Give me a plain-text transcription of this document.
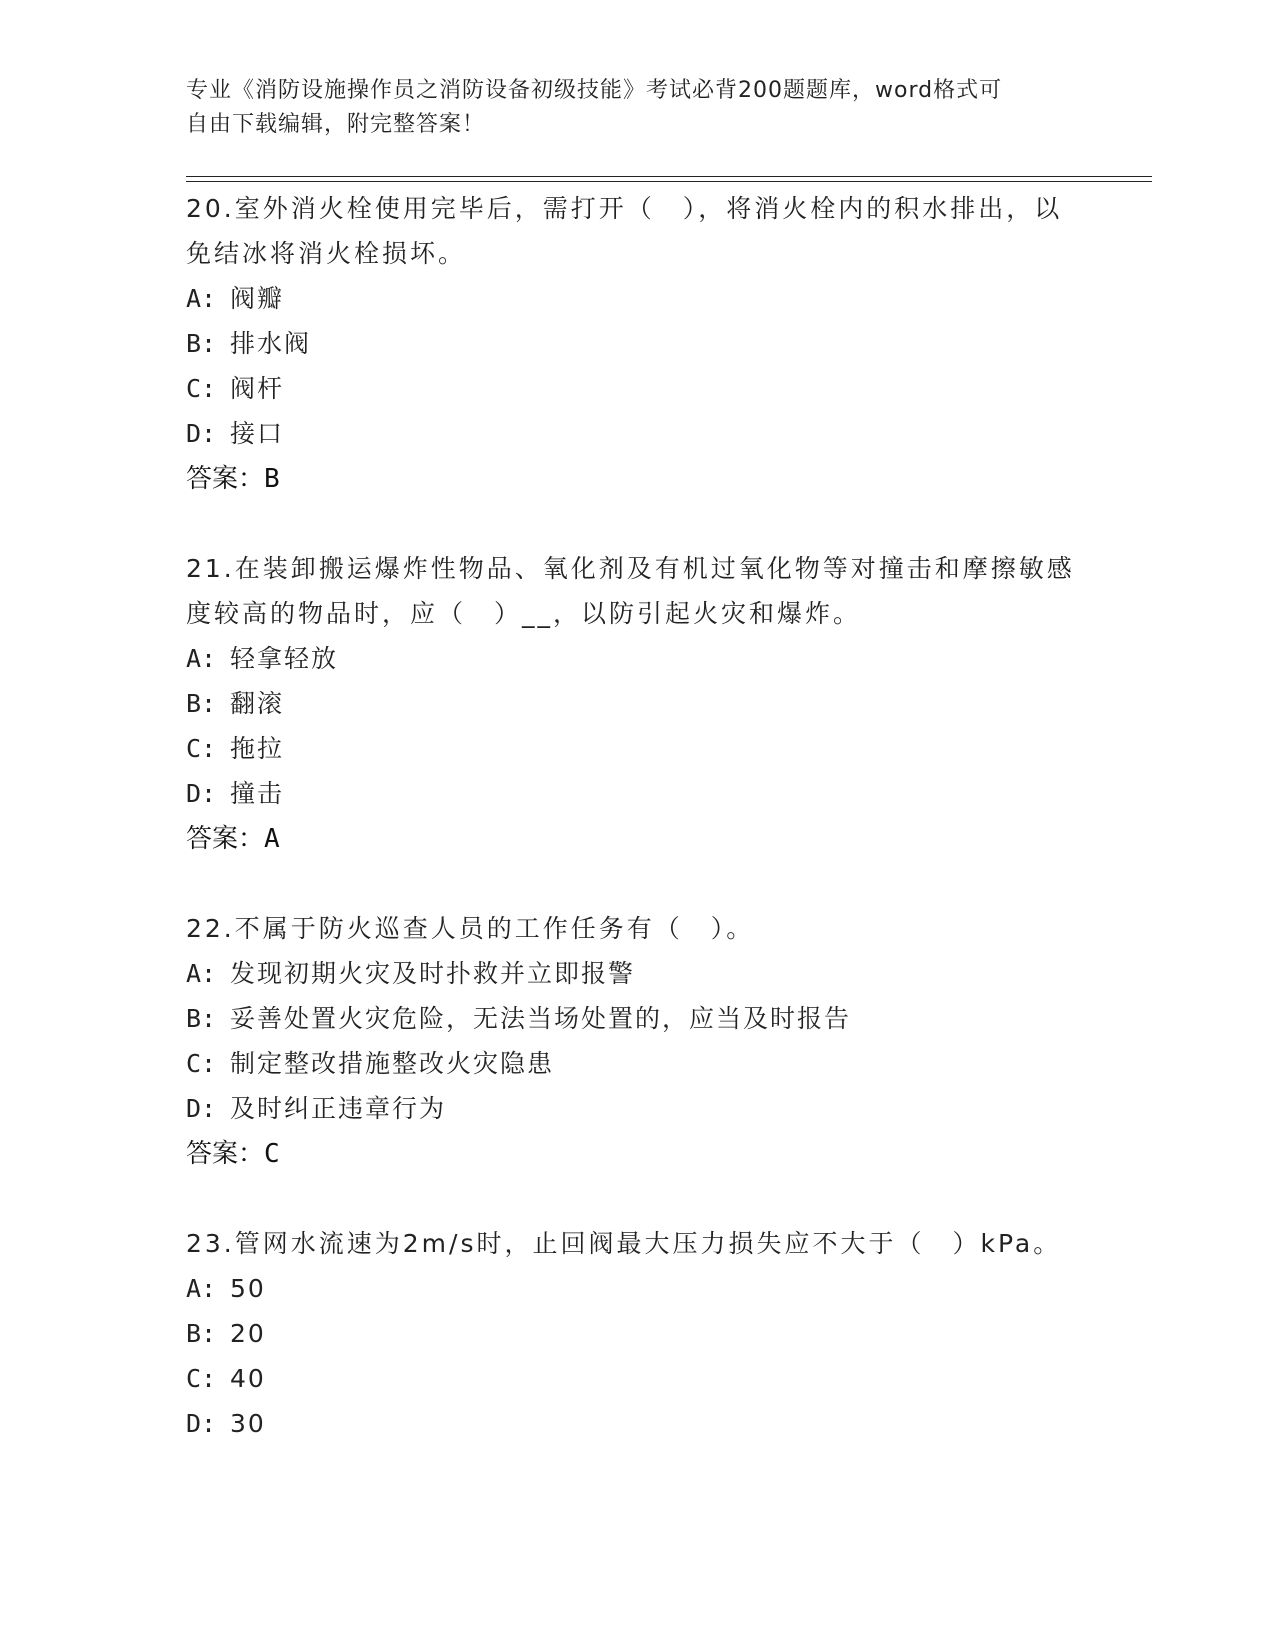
专业《消防设施操作员之消防设备初级技能》考试必背200题题库，word格式可
自由下载编辑，附完整答案！
20.室外消火栓使用完毕后，需打开（　），将消火栓内的积水排出，以免结冰将消火栓损坏。
A: 阀瓣
B: 排水阀
C: 阀杆
D: 接口
答案：B
21.在装卸搬运爆炸性物品、氧化剂及有机过氧化物等对撞击和摩擦敏感度较高的物品时，应（　）__，以防引起火灾和爆炸。
A: 轻拿轻放
B: 翻滚
C: 拖拉
D: 撞击
答案：A
22.不属于防火巡查人员的工作任务有（　）。
A: 发现初期火灾及时扑救并立即报警
B: 妥善处置火灾危险，无法当场处置的，应当及时报告
C: 制定整改措施整改火灾隐患
D: 及时纠正违章行为
答案：C
23.管网水流速为2m/s时，止回阀最大压力损失应不大于（　）kPa。
A: 50
B: 20
C: 40
D: 30
